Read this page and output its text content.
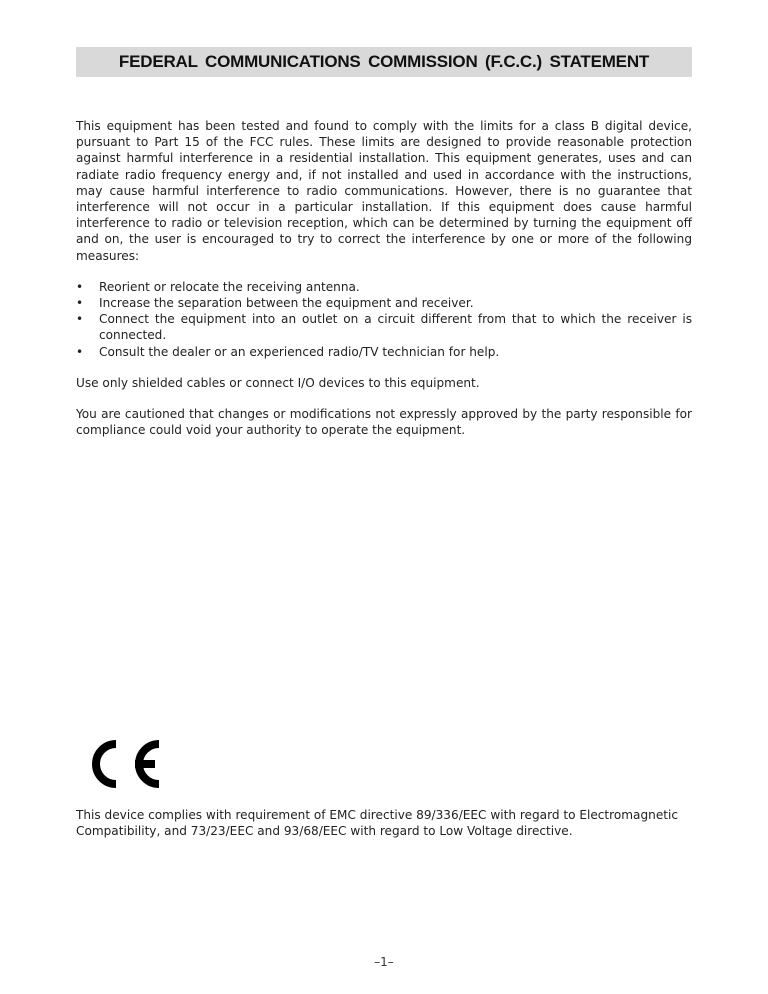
FEDERAL COMMUNICATIONS COMMISSION (F.C.C.) STATEMENT

This equipment has been tested and found to comply with the limits for a class B digital device, pursuant to Part 15 of the FCC rules. These limits are designed to provide reasonable protection against harmful interference in a residential installation. This equipment generates, uses and can radiate radio frequency energy and, if not installed and used in accordance with the instructions, may cause harmful interference to radio communications. However, there is no guarantee that interference will not occur in a particular installation. If this equipment does cause harmful interference to radio or television reception, which can be determined by turning the equipment off and on, the user is encouraged to try to correct the interference by one or more of the following measures:

• Reorient or relocate the receiving antenna.
• Increase the separation between the equipment and receiver.
• Connect the equipment into an outlet on a circuit different from that to which the receiver is connected.
• Consult the dealer or an experienced radio/TV technician for help.

Use only shielded cables or connect I/O devices to this equipment.

You are cautioned that changes or modifications not expressly approved by the party responsible for compliance could void your authority to operate the equipment.

This device complies with requirement of EMC directive 89/336/EEC with regard to Electromagnetic Compatibility, and 73/23/EEC and 93/68/EEC with regard to Low Voltage directive.

–1–
